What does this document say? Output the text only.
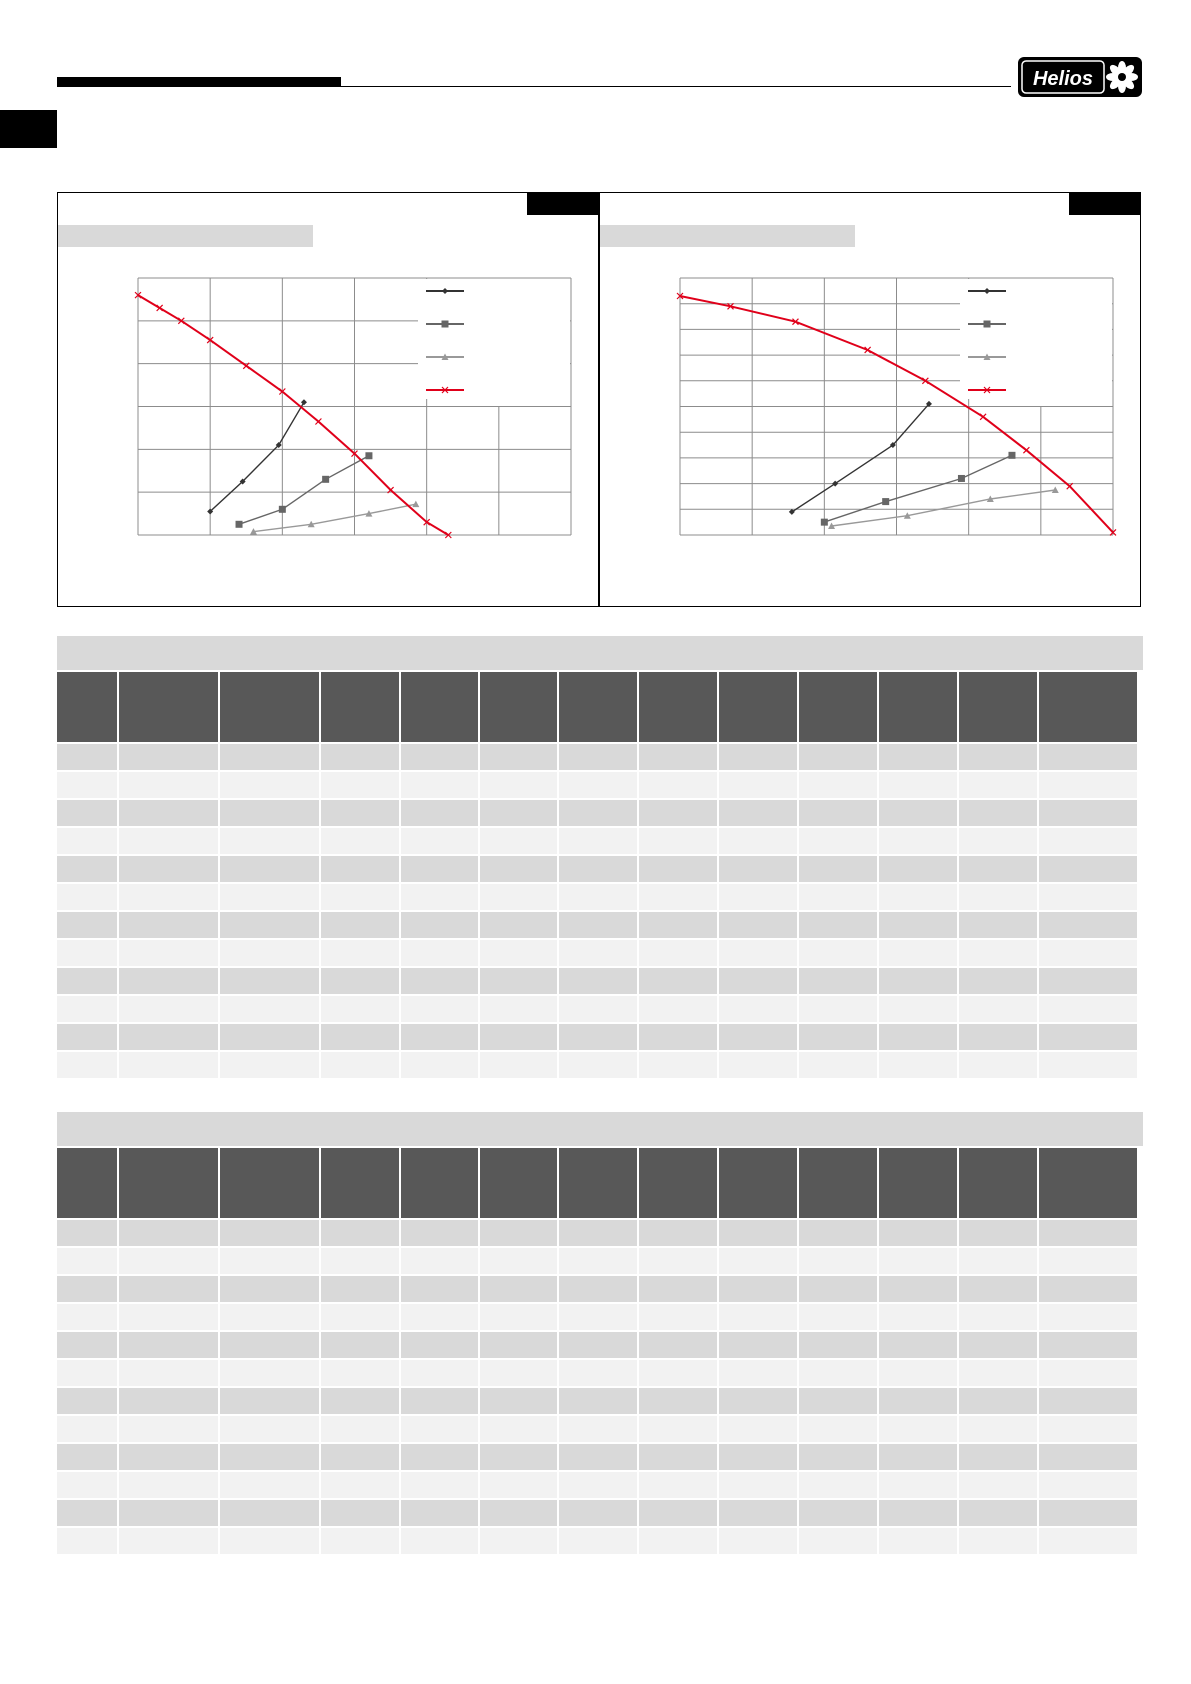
Helios
